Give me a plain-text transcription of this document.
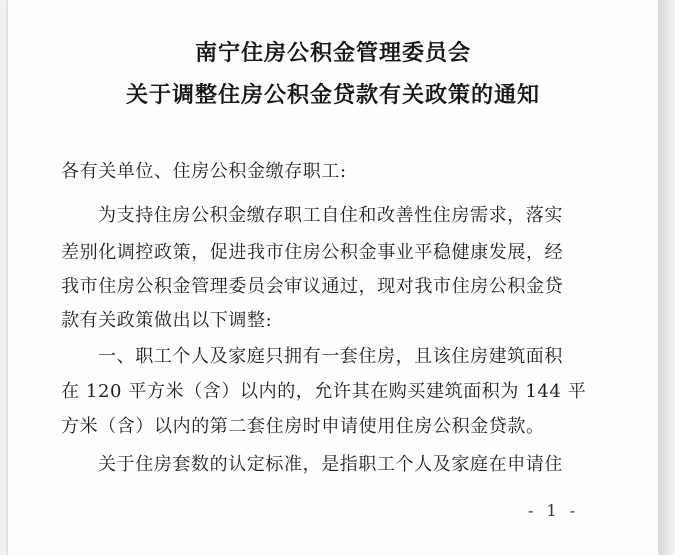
南宁住房公积金管理委员会
关于调整住房公积金贷款有关政策的通知
各有关单位、住房公积金缴存职工:
为支持住房公积金缴存职工自住和改善性住房需求，落实
差别化调控政策，促进我市住房公积金事业平稳健康发展，经
我市住房公积金管理委员会审议通过，现对我市住房公积金贷
款有关政策做出以下调整:
一、职工个人及家庭只拥有一套住房，且该住房建筑面积
在 120 平方米（含）以内的，允许其在购买建筑面积为 144 平
方米（含）以内的第二套住房时申请使用住房公积金贷款。
关于住房套数的认定标准，是指职工个人及家庭在申请住
- 1 -
